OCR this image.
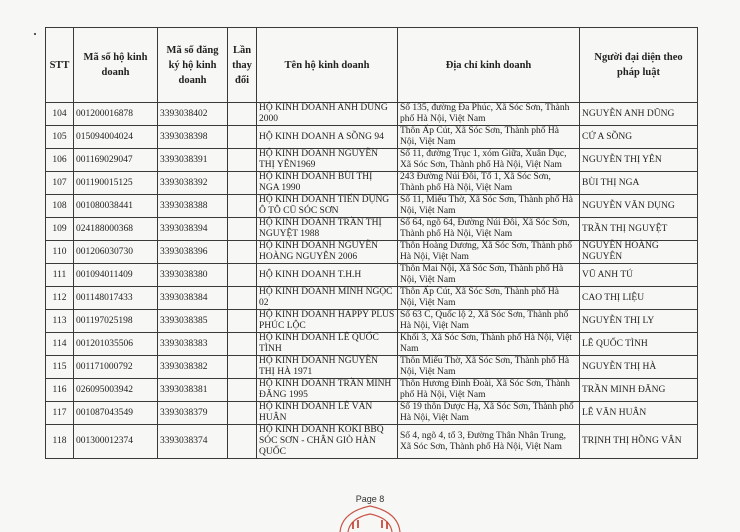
STT	Mã số hộ kinh doanh	Mã số đăng ký hộ kinh doanh	Lần thay đổi	Tên hộ kinh doanh	Địa chỉ kinh doanh	Người đại diện theo pháp luật
104	001200016878	3393038402		HỘ KINH DOANH ANH DŨNG 2000	Số 135, đường Đa Phúc, Xã Sóc Sơn, Thành phố Hà Nội, Việt Nam	NGUYỄN ANH DŨNG
105	015094004024	3393038398		HỘ KINH DOANH A SỒNG 94	Thôn Ấp Cút, Xã Sóc Sơn, Thành phố Hà Nội, Việt Nam	CỨ A SỒNG
106	001169029047	3393038391		HỘ KINH DOANH NGUYỄN THỊ YÊN1969	Số 11, đường Trục 1, xóm Giữa, Xuân Dục, Xã Sóc Sơn, Thành phố Hà Nội, Việt Nam	NGUYỄN THỊ YÊN
107	001190015125	3393038392		HỘ KINH DOANH BÙI THỊ NGA 1990	243 Đường Núi Đôi, Tổ 1, Xã Sóc Sơn, Thành phố Hà Nội, Việt Nam	BÙI THỊ NGA
108	001080038441	3393038388		HỘ KINH DOANH TIẾN DỤNG Ô TÔ CŨ SÓC SƠN	Số 11, Miếu Thờ, Xã Sóc Sơn, Thành phố Hà Nội, Việt Nam	NGUYỄN VĂN DỤNG
109	024188000368	3393038394		HỘ KINH DOANH TRẦN THỊ NGUYỆT 1988	Số 64, ngõ 64, Đường Núi Đôi, Xã Sóc Sơn, Thành phố Hà Nội, Việt Nam	TRẦN THỊ NGUYỆT
110	001206030730	3393038396		HỘ KINH DOANH NGUYỄN HOÀNG NGUYÊN 2006	Thôn Hoàng Dương, Xã Sóc Sơn, Thành phố Hà Nội, Việt Nam	NGUYỄN HOÀNG NGUYÊN
111	001094011409	3393038380		HỘ KINH DOANH T.H.H	Thôn Mai Nội, Xã Sóc Sơn, Thành phố Hà Nội, Việt Nam	VŨ ANH TÚ
112	001148017433	3393038384		HỘ KINH DOANH MINH NGỌC 02	Thôn Ấp Cút, Xã Sóc Sơn, Thành phố Hà Nội, Việt Nam	CAO THỊ LIỆU
113	001197025198	3393038385		HỘ KINH DOANH HAPPY PLUS PHÚC LỘC	Số 63 C, Quốc lộ 2, Xã Sóc Sơn, Thành phố Hà Nội, Việt Nam	NGUYỄN THỊ LY
114	001201035506	3393038383		HỘ KINH DOANH LÊ QUỐC TÌNH	Khối 3, Xã Sóc Sơn, Thành phố Hà Nội, Việt Nam	LÊ QUỐC TÌNH
115	001171000792	3393038382		HỘ KINH DOANH NGUYỄN THỊ HÀ 1971	Thôn Miếu Thờ, Xã Sóc Sơn, Thành phố Hà Nội, Việt Nam	NGUYỄN THỊ HÀ
116	026095003942	3393038381		HỘ KINH DOANH TRẦN MINH ĐĂNG 1995	Thôn Hương Đình Đoài, Xã Sóc Sơn, Thành phố Hà Nội, Việt Nam	TRẦN MINH ĐĂNG
117	001087043549	3393038379		HỘ KINH DOANH LÊ VĂN HUÂN	Số 19 thôn Dược Hạ, Xã Sóc Sơn, Thành phố Hà Nội, Việt Nam	LÊ VĂN HUÂN
118	001300012374	3393038374		HỘ KINH DOANH KOKI BBQ SÓC SƠN - CHÂN GIÒ HÀN QUỐC	Số 4, ngõ 4, tổ 3, Đường Thân Nhân Trung, Xã Sóc Sơn, Thành phố Hà Nội, Việt Nam	TRỊNH THỊ HỒNG VÂN
Page 8
